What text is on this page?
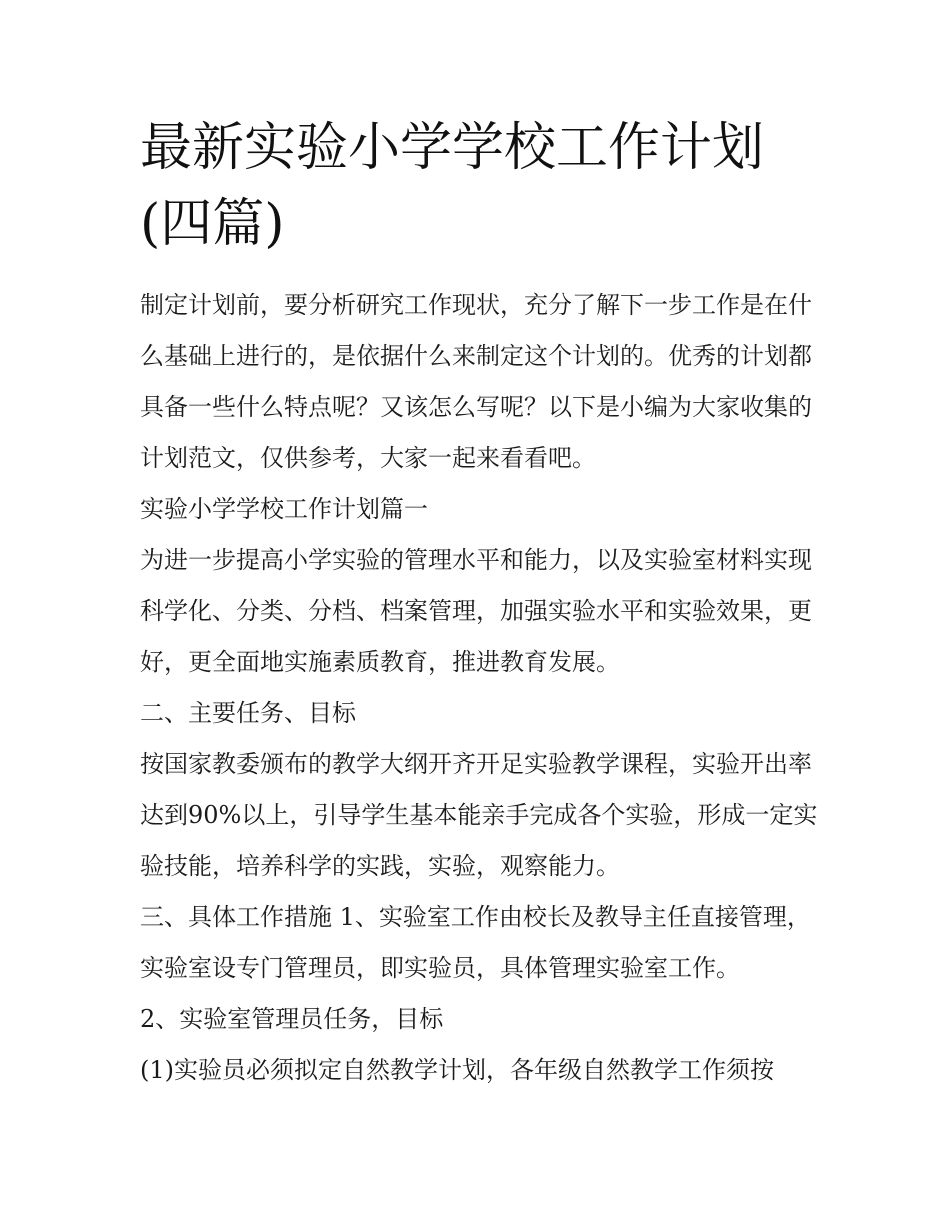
最新实验小学学校工作计划(四篇)

制定计划前，要分析研究工作现状，充分了解下一步工作是在什么基础上进行的，是依据什么来制定这个计划的。优秀的计划都具备一些什么特点呢？又该怎么写呢？以下是小编为大家收集的计划范文，仅供参考，大家一起来看看吧。

实验小学学校工作计划篇一

为进一步提高小学实验的管理水平和能力，以及实验室材料实现科学化、分类、分档、档案管理，加强实验水平和实验效果，更好，更全面地实施素质教育，推进教育发展。

二、主要任务、目标

按国家教委颁布的教学大纲开齐开足实验教学课程，实验开出率达到90%以上，引导学生基本能亲手完成各个实验，形成一定实验技能，培养科学的实践，实验，观察能力。

三、具体工作措施 1、实验室工作由校长及教导主任直接管理，实验室设专门管理员，即实验员，具体管理实验室工作。

2、实验室管理员任务，目标

(1)实验员必须拟定自然教学计划，各年级自然教学工作须按
